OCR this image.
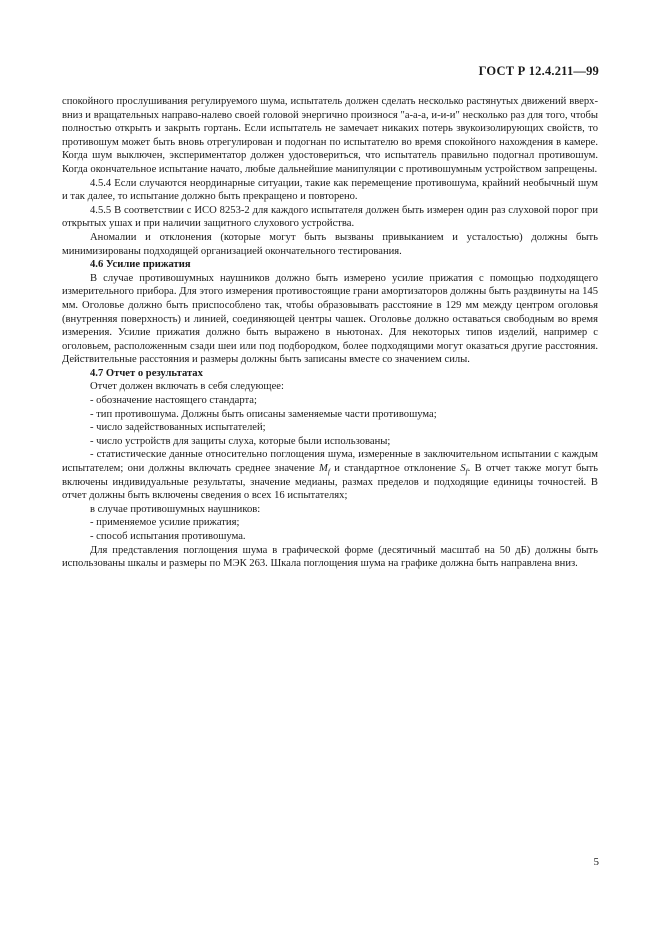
ГОСТ Р 12.4.211—99

спокойного прослушивания регулируемого шума, испытатель должен сделать несколько растянутых движений вверх-вниз и вращательных направо-налево своей головой энергично произнося "а-а-а, и-и-и" несколько раз для того, чтобы полностью открыть и закрыть гортань. Если испытатель не замечает никаких потерь звукоизолирующих свойств, то противошум может быть вновь отрегулирован и подогнан по испытателю во время спокойного нахождения в камере. Когда шум выключен, экспериментатор должен удостовериться, что испытатель правильно подогнал противошум. Когда окончательное испытание начато, любые дальнейшие манипуляции с противошумным устройством запрещены.

4.5.4 Если случаются неординарные ситуации, такие как перемещение противошума, крайний необычный шум и так далее, то испытание должно быть прекращено и повторено.

4.5.5 В соответствии с ИСО 8253-2 для каждого испытателя должен быть измерен один раз слуховой порог при открытых ушах и при наличии защитного слухового устройства.

Аномалии и отклонения (которые могут быть вызваны привыканием и усталостью) должны быть минимизированы подходящей организацией окончательного тестирования.

4.6 Усилие прижатия

В случае противошумных наушников должно быть измерено усилие прижатия с помощью подходящего измерительного прибора. Для этого измерения противостоящие грани амортизаторов должны быть раздвинуты на 145 мм. Оголовье должно быть приспособлено так, чтобы образовывать расстояние в 129 мм между центром оголовья (внутренняя поверхность) и линией, соединяющей центры чашек. Оголовье должно оставаться свободным во время измерения. Усилие прижатия должно быть выражено в ньютонах. Для некоторых типов изделий, например с оголовьем, расположенным сзади шеи или под подбородком, более подходящими могут оказаться другие расстояния. Действительные расстояния и размеры должны быть записаны вместе со значением силы.

4.7 Отчет о результатах

Отчет должен включать в себя следующее:

- обозначение настоящего стандарта;

- тип противошума. Должны быть описаны заменяемые части противошума;

- число задействованных испытателей;

- число устройств для защиты слуха, которые были использованы;

- статистические данные относительно поглощения шума, измеренные в заключительном испытании с каждым испытателем; они должны включать среднее значение $M_f$ и стандартное отклонение $S_f$. В отчет также могут быть включены индивидуальные результаты, значение медианы, размах пределов и подходящие единицы точностей. В отчет должны быть включены сведения о всех 16 испытателях;

в случае противошумных наушников:

- применяемое усилие прижатия;

- способ испытания противошума.

Для представления поглощения шума в графической форме (десятичный масштаб на 50 дБ) должны быть использованы шкалы и размеры по МЭК 263. Шкала поглощения шума на графике должна быть направлена вниз.

5
